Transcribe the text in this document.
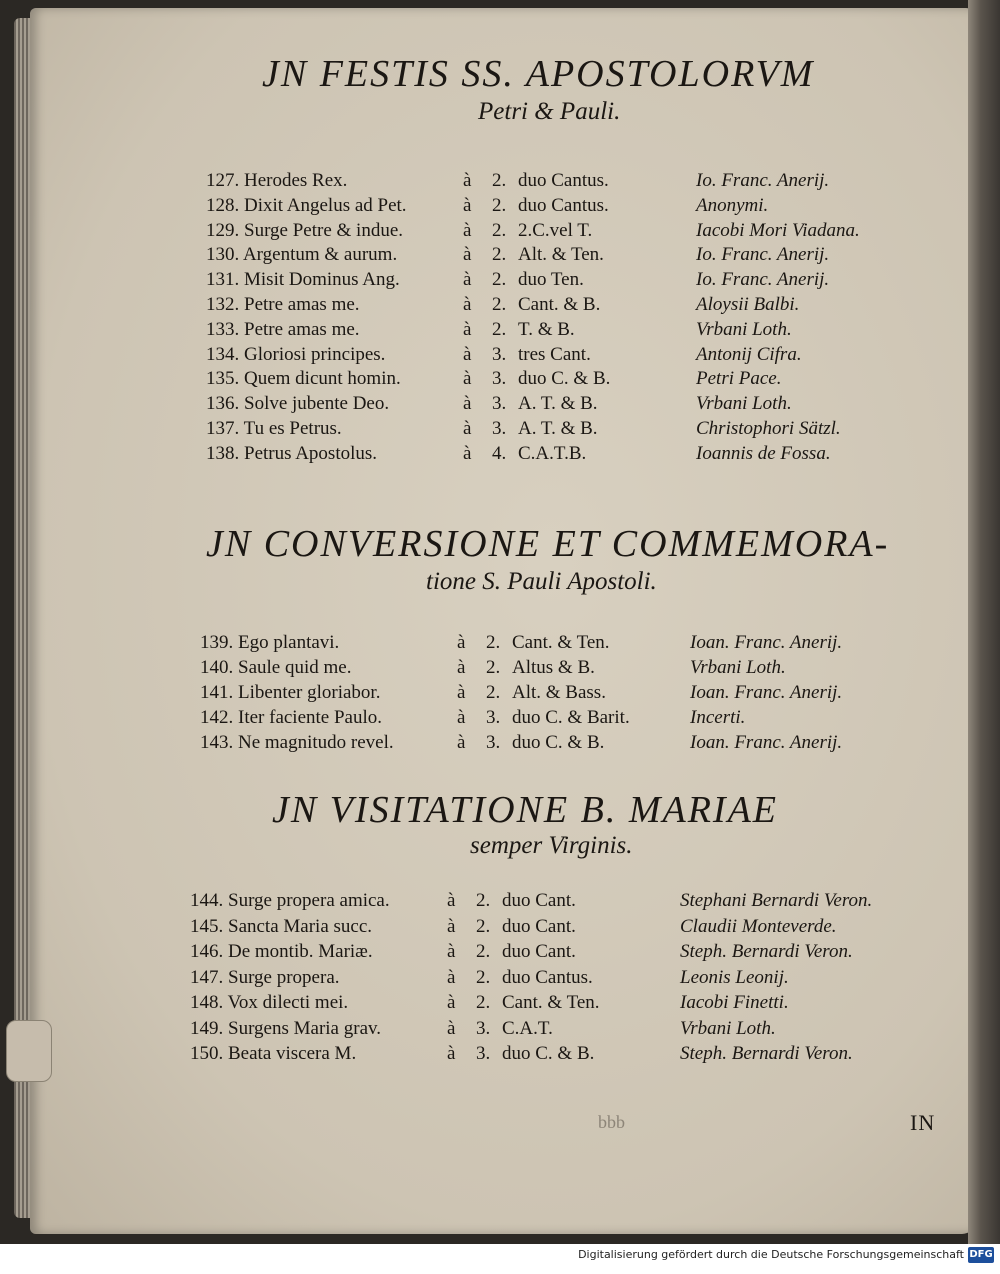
JN FESTIS SS. APOSTOLORVM
Petri & Pauli.
127. Herodes Rex.	à 2. duo Cantus.	Io. Franc. Anerij.
128. Dixit Angelus ad Pet.	à 2. duo Cantus.	Anonymi.
129. Surge Petre & indue.	à 2. 2.C.vel T.	Iacobi Mori Viadana.
130. Argentum & aurum.	à 2. Alt. & Ten.	Io. Franc. Anerij.
131. Misit Dominus Ang.	à 2. duo Ten.	Io. Franc. Anerij.
132. Petre amas me.	à 2. Cant. & B.	Aloysii Balbi.
133. Petre amas me.	à 2. T. & B.	Vrbani Loth.
134. Gloriosi principes.	à 3. tres Cant.	Antonij Cifra.
135. Quem dicunt homin.	à 3. duo C. & B.	Petri Pace.
136. Solve jubente Deo.	à 3. A. T. & B.	Vrbani Loth.
137. Tu es Petrus.	à 3. A. T. & B.	Christophori Sätzl.
138. Petrus Apostolus.	à 4. C.A.T.B.	Ioannis de Fossa.
JN CONVERSIONE ET COMMEMORA-
tione S. Pauli Apostoli.
139. Ego plantavi.	à 2. Cant. & Ten.	Ioan. Franc. Anerij.
140. Saule quid me.	à 2. Altus & B.	Vrbani Loth.
141. Libenter gloriabor.	à 2. Alt. & Bass.	Ioan. Franc. Anerij.
142. Iter faciente Paulo.	à 3. duo C. & Barit.	Incerti.
143. Ne magnitudo revel.	à 3. duo C. & B.	Ioan. Franc. Anerij.
JN VISITATIONE B. MARIAE
semper Virginis.
144. Surge propera amica.	à 2. duo Cant.	Stephani Bernardi Veron.
145. Sancta Maria succ.	à 2. duo Cant.	Claudii Monteverde.
146. De montib. Mariæ.	à 2. duo Cant.	Steph. Bernardi Veron.
147. Surge propera.	à 2. duo Cantus.	Leonis Leonij.
148. Vox dilecti mei.	à 2. Cant. & Ten.	Iacobi Finetti.
149. Surgens Maria grav.	à 3. C.A.T.	Vrbani Loth.
150. Beata viscera M.	à 3. duo C. & B.	Steph. Bernardi Veron.
bbb	IN
Digitalisierung gefördert durch die Deutsche Forschungsgemeinschaft DFG
